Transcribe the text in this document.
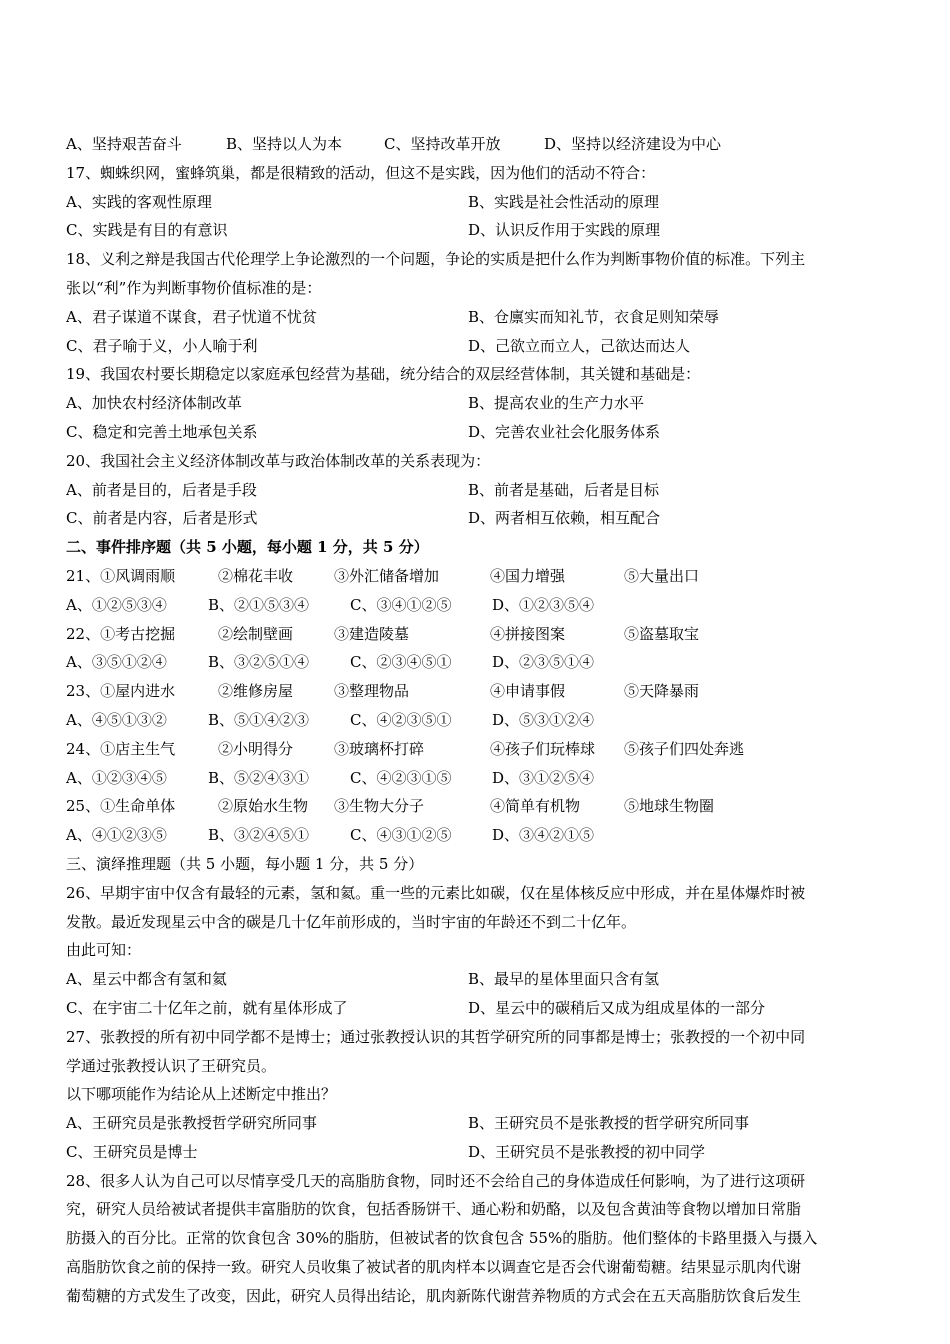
A、坚持艰苦奋斗	B、坚持以人为本	C、坚持改革开放	D、坚持以经济建设为中心
17、蜘蛛织网，蜜蜂筑巢，都是很精致的活动，但这不是实践，因为他们的活动不符合：
A、实践的客观性原理	B、实践是社会性活动的原理
C、实践是有目的有意识	D、认识反作用于实践的原理
18、义利之辩是我国古代伦理学上争论激烈的一个问题，争论的实质是把什么作为判断事物价值的标准。下列主
张以“利”作为判断事物价值标准的是：
A、君子谋道不谋食，君子忧道不忧贫	B、仓廪实而知礼节，衣食足则知荣辱
C、君子喻于义，小人喻于利	D、己欲立而立人，己欲达而达人
19、我国农村要长期稳定以家庭承包经营为基础，统分结合的双层经营体制，其关键和基础是：
A、加快农村经济体制改革	B、提高农业的生产力水平
C、稳定和完善土地承包关系	D、完善农业社会化服务体系
20、我国社会主义经济体制改革与政治体制改革的关系表现为：
A、前者是目的，后者是手段	B、前者是基础，后者是目标
C、前者是内容，后者是形式	D、两者相互依赖，相互配合
二、事件排序题（共 5 小题，每小题 1 分，共 5 分）
21、①风调雨顺	②棉花丰收	③外汇储备增加	④国力增强	⑤大量出口
A、①②⑤③④	B、②①⑤③④	C、③④①②⑤	D、①②③⑤④
22、①考古挖掘	②绘制壁画	③建造陵墓	④拼接图案	⑤盗墓取宝
A、③⑤①②④	B、③②⑤①④	C、②③④⑤①	D、②③⑤①④
23、①屋内进水	②维修房屋	③整理物品	④申请事假	⑤天降暴雨
A、④⑤①③②	B、⑤①④②③	C、④②③⑤①	D、⑤③①②④
24、①店主生气	②小明得分	③玻璃杯打碎	④孩子们玩棒球	⑤孩子们四处奔逃
A、①②③④⑤	B、⑤②④③①	C、④②③①⑤	D、③①②⑤④
25、①生命单体	②原始水生物	③生物大分子	④简单有机物	⑤地球生物圈
A、④①②③⑤	B、③②④⑤①	C、④③①②⑤	D、③④②①⑤
三、演绎推理题（共 5 小题，每小题 1 分，共 5 分）
26、早期宇宙中仅含有最轻的元素，氢和氦。重一些的元素比如碳，仅在星体核反应中形成，并在星体爆炸时被
发散。最近发现星云中含的碳是几十亿年前形成的，当时宇宙的年龄还不到二十亿年。
由此可知：
A、星云中都含有氢和氦	B、最早的星体里面只含有氢
C、在宇宙二十亿年之前，就有星体形成了	D、星云中的碳稍后又成为组成星体的一部分
27、张教授的所有初中同学都不是博士；通过张教授认识的其哲学研究所的同事都是博士；张教授的一个初中同
学通过张教授认识了王研究员。
以下哪项能作为结论从上述断定中推出？
A、王研究员是张教授哲学研究所同事	B、王研究员不是张教授的哲学研究所同事
C、王研究员是博士	D、王研究员不是张教授的初中同学
28、很多人认为自己可以尽情享受几天的高脂肪食物，同时还不会给自己的身体造成任何影响，为了进行这项研
究，研究人员给被试者提供丰富脂肪的饮食，包括香肠饼干、通心粉和奶酪，以及包含黄油等食物以增加日常脂
肪摄入的百分比。正常的饮食包含 30%的脂肪，但被试者的饮食包含 55%的脂肪。他们整体的卡路里摄入与摄入
高脂肪饮食之前的保持一致。研究人员收集了被试者的肌肉样本以调查它是否会代谢葡萄糖。结果显示肌肉代谢
葡萄糖的方式发生了改变，因此，研究人员得出结论，肌肉新陈代谢营养物质的方式会在五天高脂肪饮食后发生
